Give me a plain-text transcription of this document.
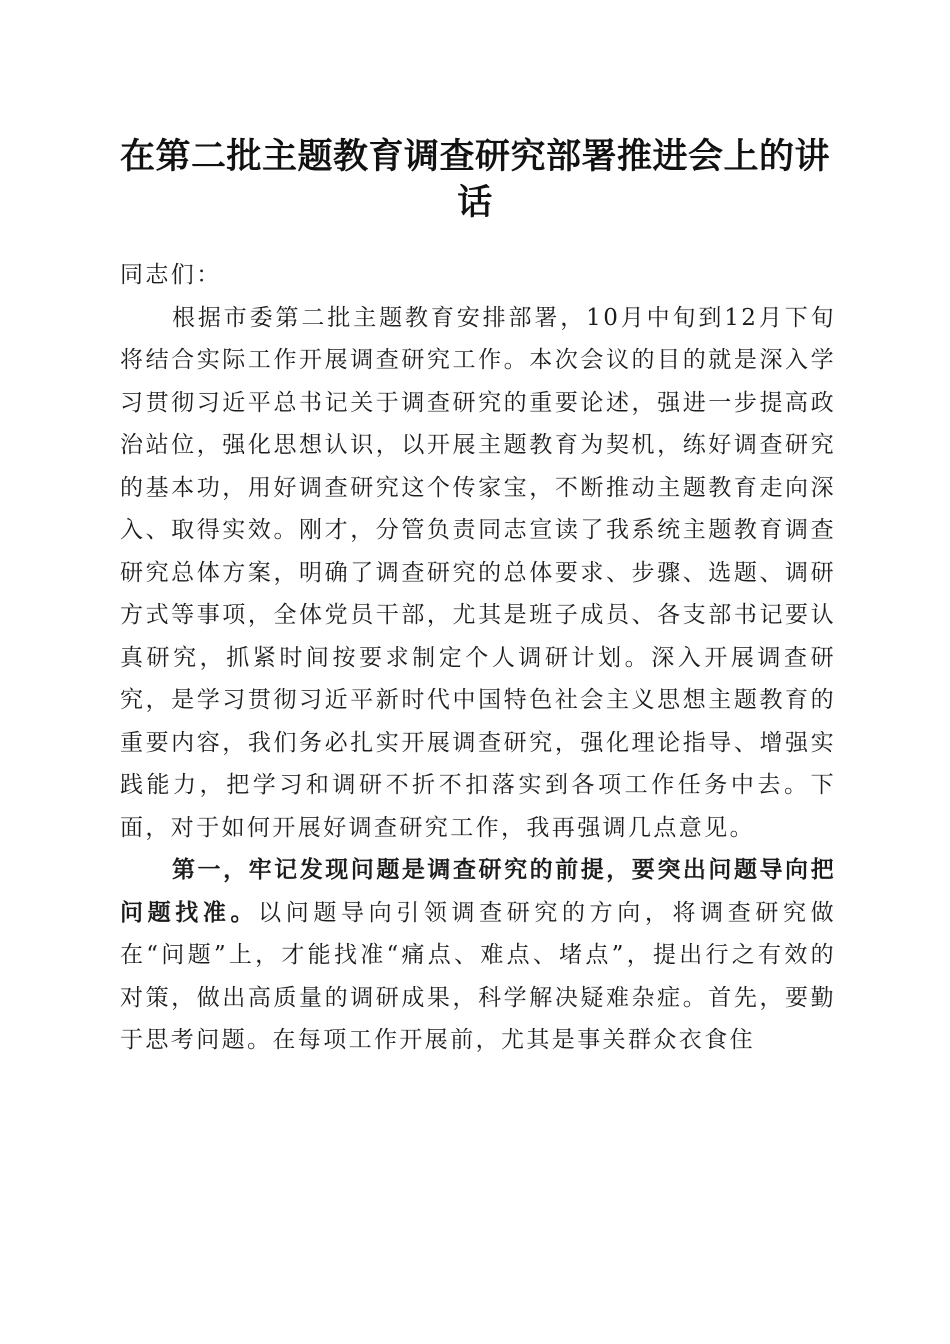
在第二批主题教育调查研究部署推进会上的讲话

同志们：

根据市委第二批主题教育安排部署，10月中旬到12月下旬将结合实际工作开展调查研究工作。本次会议的目的就是深入学习贯彻习近平总书记关于调查研究的重要论述，强进一步提高政治站位，强化思想认识，以开展主题教育为契机，练好调查研究的基本功，用好调查研究这个传家宝，不断推动主题教育走向深入、取得实效。刚才，分管负责同志宣读了我系统主题教育调查研究总体方案，明确了调查研究的总体要求、步骤、选题、调研方式等事项，全体党员干部，尤其是班子成员、各支部书记要认真研究，抓紧时间按要求制定个人调研计划。深入开展调查研究，是学习贯彻习近平新时代中国特色社会主义思想主题教育的重要内容，我们务必扎实开展调查研究，强化理论指导、增强实践能力，把学习和调研不折不扣落实到各项工作任务中去。下面，对于如何开展好调查研究工作，我再强调几点意见。

第一，牢记发现问题是调查研究的前提，要突出问题导向把问题找准。以问题导向引领调查研究的方向，将调查研究做在“问题”上，才能找准“痛点、难点、堵点”，提出行之有效的对策，做出高质量的调研成果，科学解决疑难杂症。首先，要勤于思考问题。在每项工作开展前，尤其是事关群众衣食住
